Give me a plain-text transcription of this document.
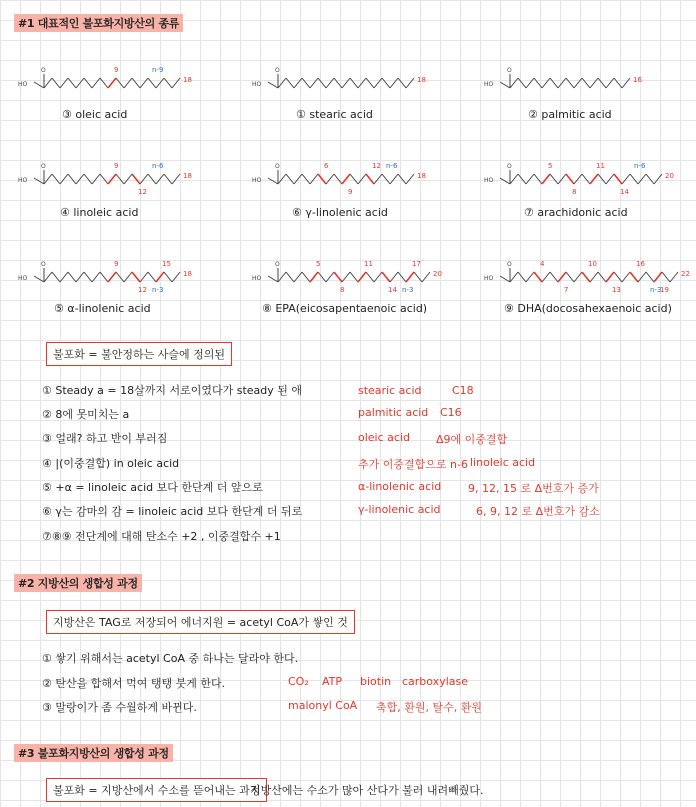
#1 대표적인 불포화지방산의 종류
O
HO
9
18
n-9	O
HO
18
O
HO
16
O
HO
9
12
18
n-6	O
HO
6
9
12
18
n-6	O
HO
5
8
11
14
20
n-6
O
HO
9
12
15
18
n-3
O
HO
5
8
11
14
17
20
n-3
O
HO
4
7
10
13
16
19
22
n-3
③ oleic acid	① stearic acid	② palmitic acid
④ linoleic acid	⑥ γ-linolenic acid	⑦ arachidonic acid
⑤ α-linolenic acid	⑧ EPA(eicosapentaenoic acid)	⑨ DHA(docosahexaenoic acid)
불포화 = 불안정하는 사슬에 정의된
① Steady a = 18살까지 서로이였다가 steady 된 애
② 8에 못미치는 a
③ 얼래? 하고 반이 부러짐
④ |(이중결합) in oleic acid
⑤ +α = linoleic acid 보다 한단계 더 앞으로
⑥ γ는 감마의 감 = linoleic acid 보다 한단계 더 뒤로
⑦⑧⑨ 전단계에 대해 탄소수 +2 , 이중결합수 +1
stearic acid	C18
palmitic acid C16
oleic acid Δ9에 이중결합
추가 이중결합으로 n-6 linoleic acid
α-linolenic acid 9, 12, 15 로 Δ번호가 증가
γ-linolenic acid	6, 9, 12 로 Δ번호가 감소
#2 지방산의 생합성 과정
지방산은 TAG로 저장되어 에너지원 = acetyl CoA가 쌓인 것
① 쌓기 위해서는 acetyl CoA 중 하나는 달라야 한다.
② 탄산을 합해서 먹여 탱탱 붓게 한다.
③ 말랑이가 좀 수월하게 바뀐다.
CO₂ ATP biotin carboxylase
malonyl CoA 축합, 환원, 탈수, 환원
#3 불포화지방산의 생합성 과정
불포화 = 지방산에서 수소를 뜯어내는 과정
지방산에는 수소가 많아 산다가 불러 내려빼줬다.
